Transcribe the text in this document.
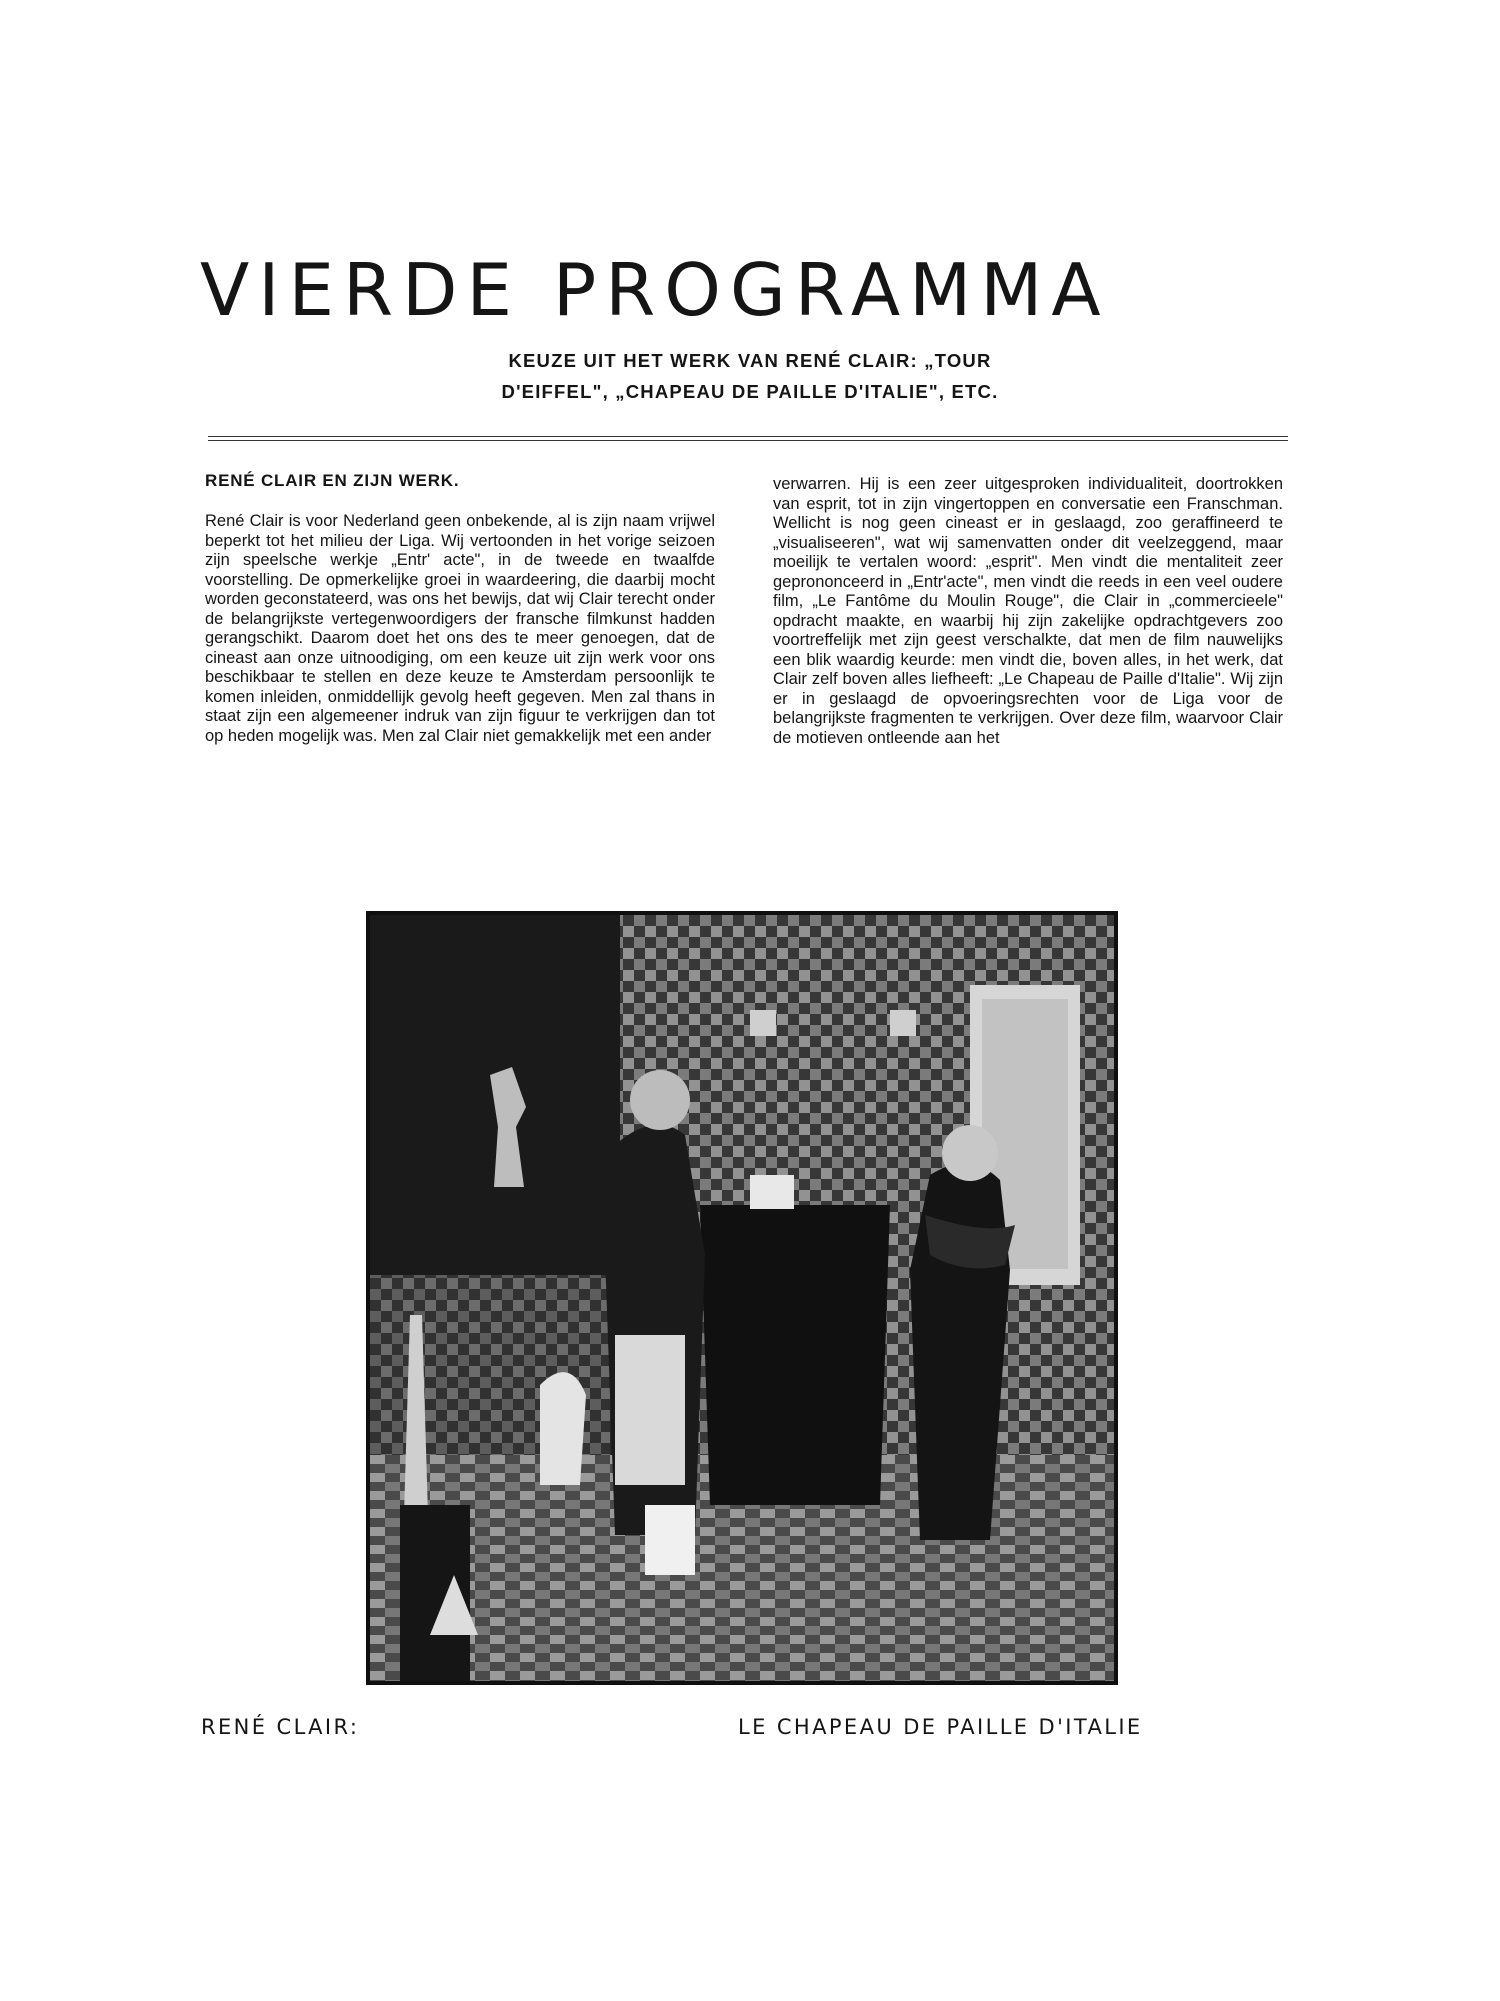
VIERDE PROGRAMMA
KEUZE UIT HET WERK VAN RENÉ CLAIR: „TOUR
D'EIFFEL", „CHAPEAU DE PAILLE D'ITALIE", ETC.
RENÉ CLAIR EN ZIJN WERK.

René Clair is voor Nederland geen onbekende, al is zijn naam vrijwel beperkt tot het milieu der Liga. Wij vertoonden in het vorige seizoen zijn speelsche werkje „Entr' acte", in de tweede en twaalfde voorstelling. De opmerkelijke groei in waardeering, die daarbij mocht worden geconstateerd, was ons het bewijs, dat wij Clair terecht onder de belangrijkste vertegenwoordigers der fransche filmkunst hadden gerangschikt. Daarom doet het ons des te meer genoegen, dat de cineast aan onze uitnoodiging, om een keuze uit zijn werk voor ons beschikbaar te stellen en deze keuze te Amsterdam persoonlijk te komen inleiden, onmiddellijk gevolg heeft gegeven. Men zal thans in staat zijn een algemeener indruk van zijn figuur te verkrijgen dan tot op heden mogelijk was. Men zal Clair niet gemakkelijk met een ander

verwarren. Hij is een zeer uitgesproken individualiteit, doortrokken van esprit, tot in zijn vingertoppen en conversatie een Franschman. Wellicht is nog geen cineast er in geslaagd, zoo geraffineerd te „visualiseeren", wat wij samenvatten onder dit veelzeggend, maar moeilijk te vertalen woord: „esprit". Men vindt die mentaliteit zeer geprononceerd in „Entr'acte", men vindt die reeds in een veel oudere film, „Le Fantôme du Moulin Rouge", die Clair in „commercieele" opdracht maakte, en waarbij hij zijn zakelijke opdrachtgevers zoo voortreffelijk met zijn geest verschalkte, dat men de film nauwelijks een blik waardig keurde: men vindt die, boven alles, in het werk, dat Clair zelf boven alles liefheeft: „Le Chapeau de Paille d'Italie". Wij zijn er in geslaagd de opvoeringsrechten voor de Liga voor de belangrijkste fragmenten te verkrijgen. Over deze film, waarvoor Clair de motieven ontleende aan het

RENÉ CLAIR:	LE CHAPEAU DE PAILLE D'ITALIE
